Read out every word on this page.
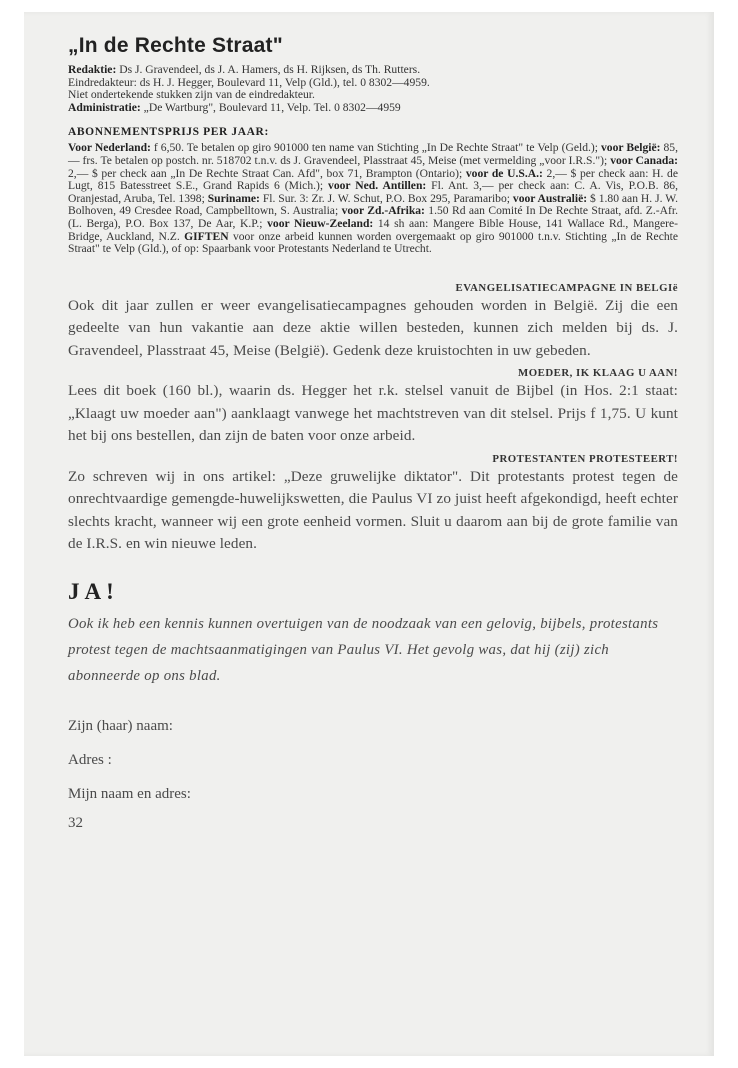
„In de Rechte Straat"

Redaktie: Ds J. Gravendeel, ds J. A. Hamers, ds H. Rijksen, ds Th. Rutters.

Eindredakteur: ds H. J. Hegger, Boulevard 11, Velp (Gld.), tel. 0 8302—4959.

Niet ondertekende stukken zijn van de eindredakteur.

Administratie: „De Wartburg", Boulevard 11, Velp. Tel. 0 8302—4959

ABONNEMENTSPRIJS PER JAAR:

Voor Nederland: f 6,50. Te betalen op giro 901000 ten name van Stichting „In De Rechte Straat" te Velp (Geld.); voor België: 85,— frs. Te betalen op postch. nr. 518702 t.n.v. ds J. Gravendeel, Plasstraat 45, Meise (met vermelding „voor I.R.S."); voor Canada: 2,— $ per check aan „In De Rechte Straat Can. Afd", box 71, Brampton (Ontario); voor de U.S.A.: 2,— $ per check aan: H. de Lugt, 815 Batesstreet S.E., Grand Rapids 6 (Mich.); voor Ned. Antillen: Fl. Ant. 3,— per check aan: C. A. Vis, P.O.B. 86, Oranjestad, Aruba, Tel. 1398; Suriname: Fl. Sur. 3: Zr. J. W. Schut, P.O. Box 295, Paramaribo; voor Australië: $ 1.80 aan H. J. W. Bolhoven, 49 Cresdee Road, Campbelltown, S. Australia; voor Zd.-Afrika: 1.50 Rd aan Comité In De Rechte Straat, afd. Z.-Afr. (L. Berga), P.O. Box 137, De Aar, K.P.; voor Nieuw-Zeeland: 14 sh aan: Mangere Bible House, 141 Wallace Rd., Mangere-Bridge, Auckland, N.Z. GIFTEN voor onze arbeid kunnen worden overgemaakt op giro 901000 t.n.v. Stichting „In de Rechte Straat" te Velp (Gld.), of op: Spaarbank voor Protestants Nederland te Utrecht.

EVANGELISATIECAMPAGNE IN BELGIë

Ook dit jaar zullen er weer evangelisatiecampagnes gehouden worden in België. Zij die een gedeelte van hun vakantie aan deze aktie willen besteden, kunnen zich melden bij ds. J. Gravendeel, Plasstraat 45, Meise (België). Gedenk deze kruistochten in uw gebeden.

MOEDER, IK KLAAG U AAN!

Lees dit boek (160 bl.), waarin ds. Hegger het r.k. stelsel vanuit de Bijbel (in Hos. 2:1 staat: „Klaagt uw moeder aan") aanklaagt vanwege het machtstreven van dit stelsel. Prijs f 1,75. U kunt het bij ons bestellen, dan zijn de baten voor onze arbeid.

PROTESTANTEN PROTESTEERT!

Zo schreven wij in ons artikel: „Deze gruwelijke diktator". Dit protestants protest tegen de onrechtvaardige gemengde-huwelijkswetten, die Paulus VI zo juist heeft afgekondigd, heeft echter slechts kracht, wanneer wij een grote eenheid vormen. Sluit u daarom aan bij de grote familie van de I.R.S. en win nieuwe leden.

JA!

Ook ik heb een kennis kunnen overtuigen van de noodzaak van een gelovig, bijbels, protestants protest tegen de machtsaanmatigingen van Paulus VI. Het gevolg was, dat hij (zij) zich abonneerde op ons blad.

Zijn (haar) naam:

Adres :

Mijn naam en adres:

32
